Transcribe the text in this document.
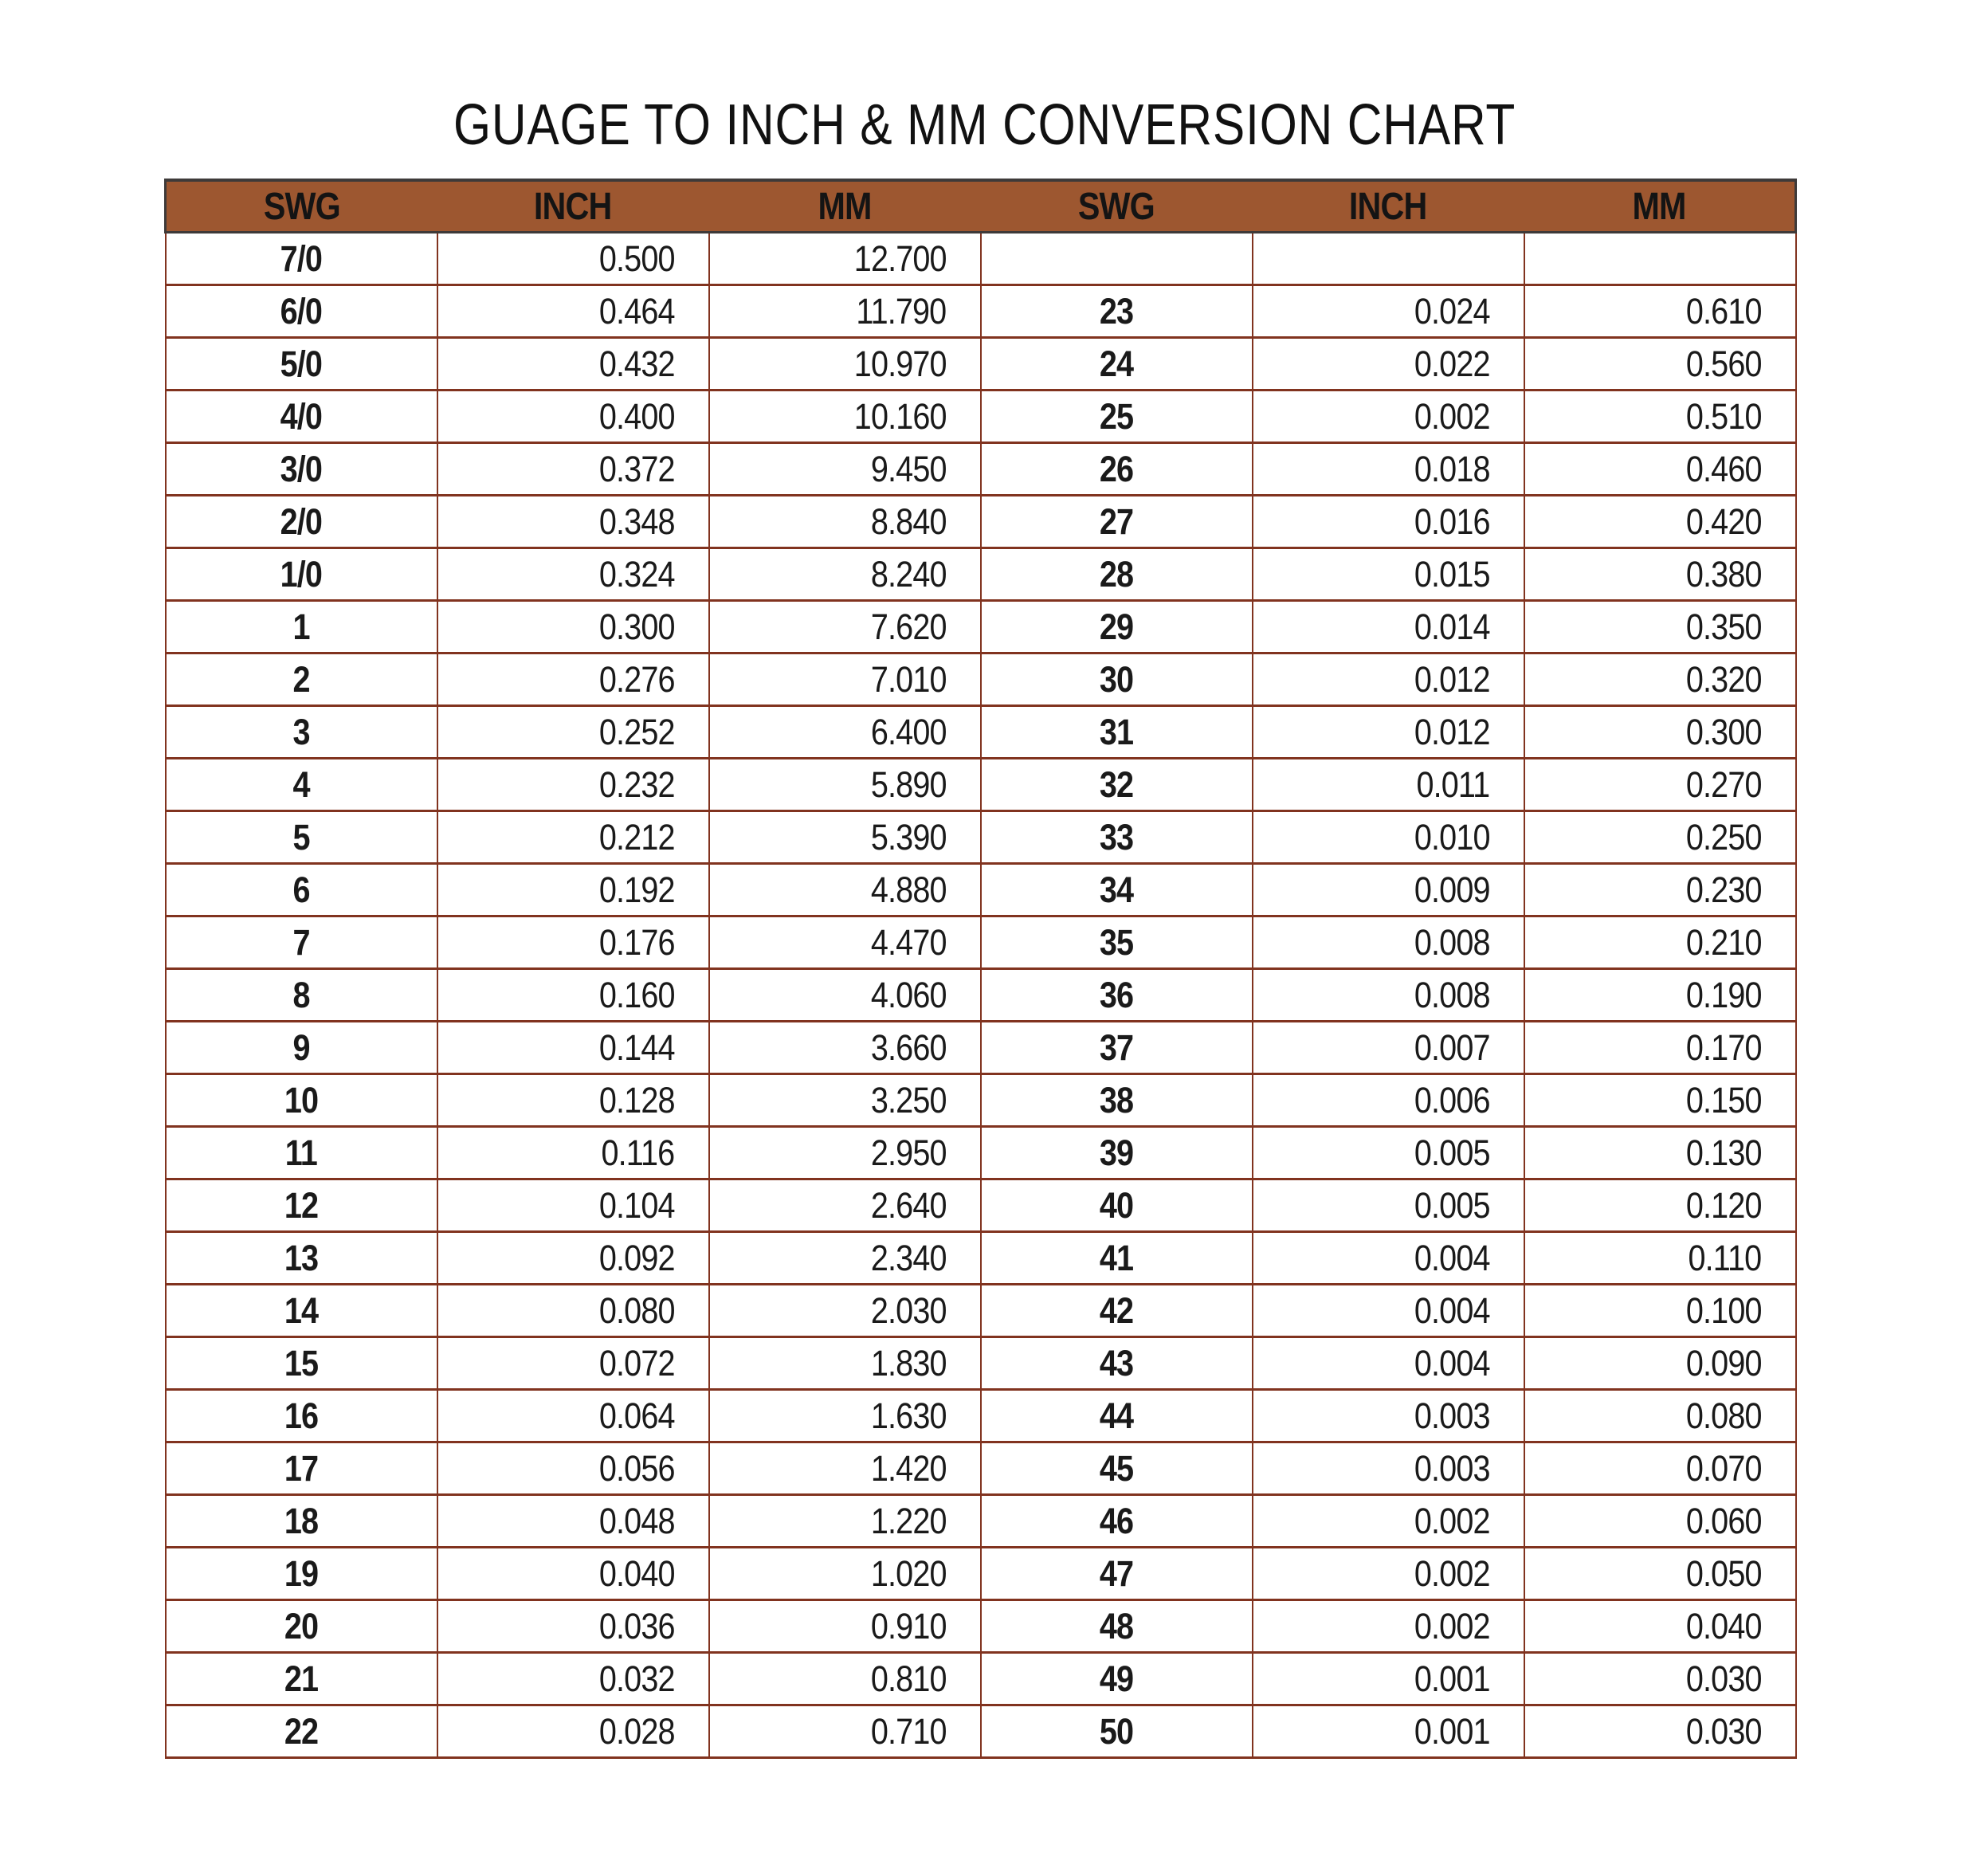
GUAGE TO INCH & MM CONVERSION CHART
SWG	INCH	MM	SWG	INCH	MM
7/0	0.500	12.700			
6/0	0.464	11.790	23	0.024	0.610
5/0	0.432	10.970	24	0.022	0.560
4/0	0.400	10.160	25	0.002	0.510
3/0	0.372	9.450	26	0.018	0.460
2/0	0.348	8.840	27	0.016	0.420
1/0	0.324	8.240	28	0.015	0.380
1	0.300	7.620	29	0.014	0.350
2	0.276	7.010	30	0.012	0.320
3	0.252	6.400	31	0.012	0.300
4	0.232	5.890	32	0.011	0.270
5	0.212	5.390	33	0.010	0.250
6	0.192	4.880	34	0.009	0.230
7	0.176	4.470	35	0.008	0.210
8	0.160	4.060	36	0.008	0.190
9	0.144	3.660	37	0.007	0.170
10	0.128	3.250	38	0.006	0.150
11	0.116	2.950	39	0.005	0.130
12	0.104	2.640	40	0.005	0.120
13	0.092	2.340	41	0.004	0.110
14	0.080	2.030	42	0.004	0.100
15	0.072	1.830	43	0.004	0.090
16	0.064	1.630	44	0.003	0.080
17	0.056	1.420	45	0.003	0.070
18	0.048	1.220	46	0.002	0.060
19	0.040	1.020	47	0.002	0.050
20	0.036	0.910	48	0.002	0.040
21	0.032	0.810	49	0.001	0.030
22	0.028	0.710	50	0.001	0.030
